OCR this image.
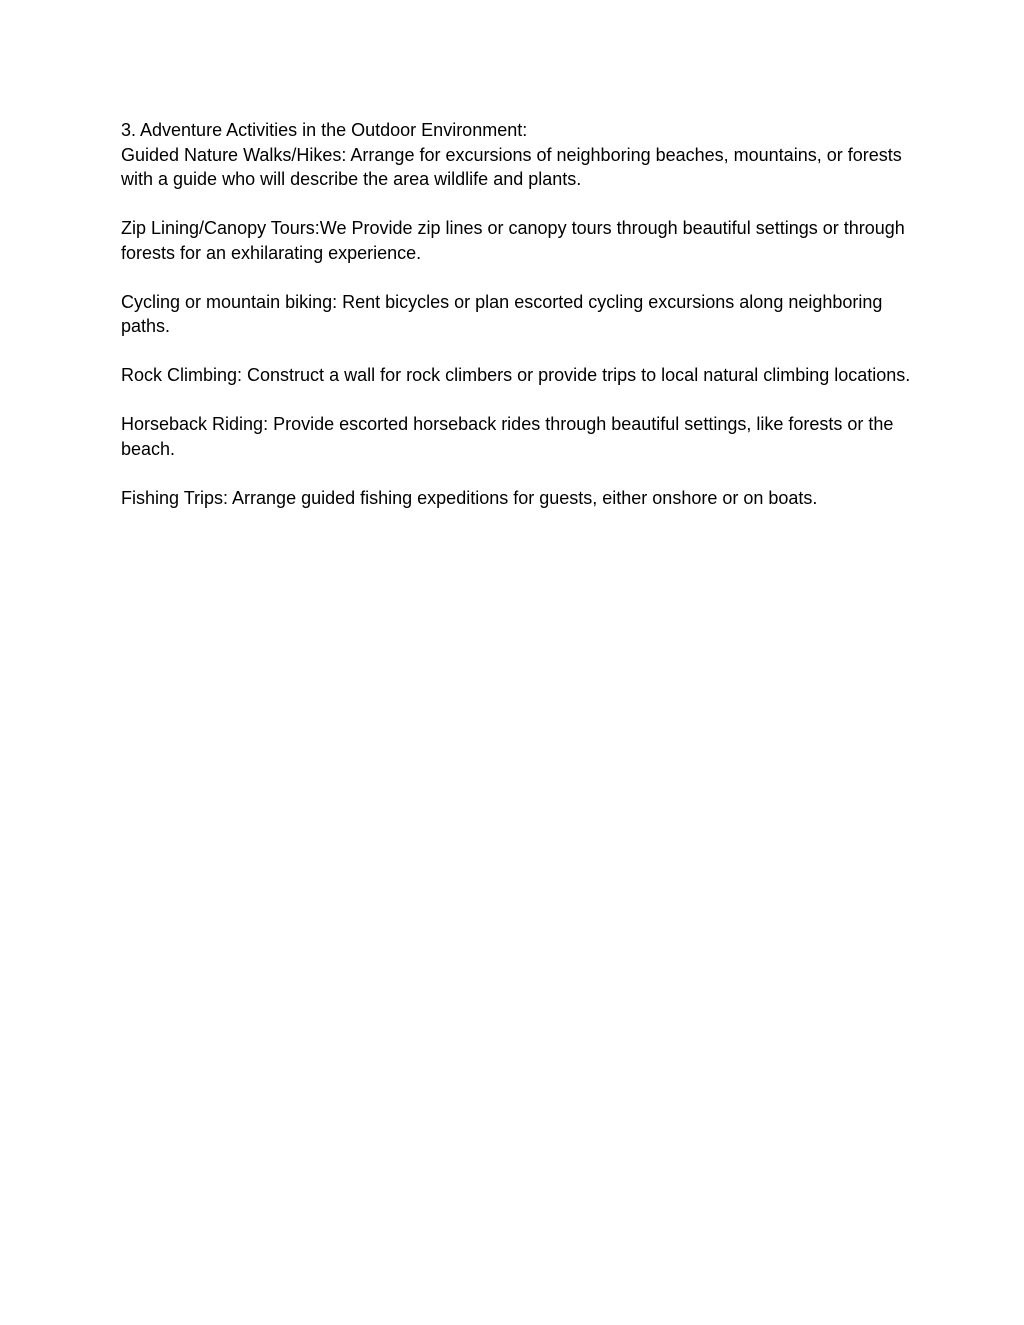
3. Adventure Activities in the Outdoor Environment:

Guided Nature Walks/Hikes: Arrange for excursions of neighboring beaches, mountains, or forests with a guide who will describe the area wildlife and plants.

Zip Lining/Canopy Tours:We Provide zip lines or canopy tours through beautiful settings or through forests for an exhilarating experience.

Cycling or mountain biking: Rent bicycles or plan escorted cycling excursions along neighboring paths.

Rock Climbing: Construct a wall for rock climbers or provide trips to local natural climbing locations.

Horseback Riding: Provide escorted horseback rides through beautiful settings, like forests or the beach.

Fishing Trips: Arrange guided fishing expeditions for guests, either onshore or on boats.
